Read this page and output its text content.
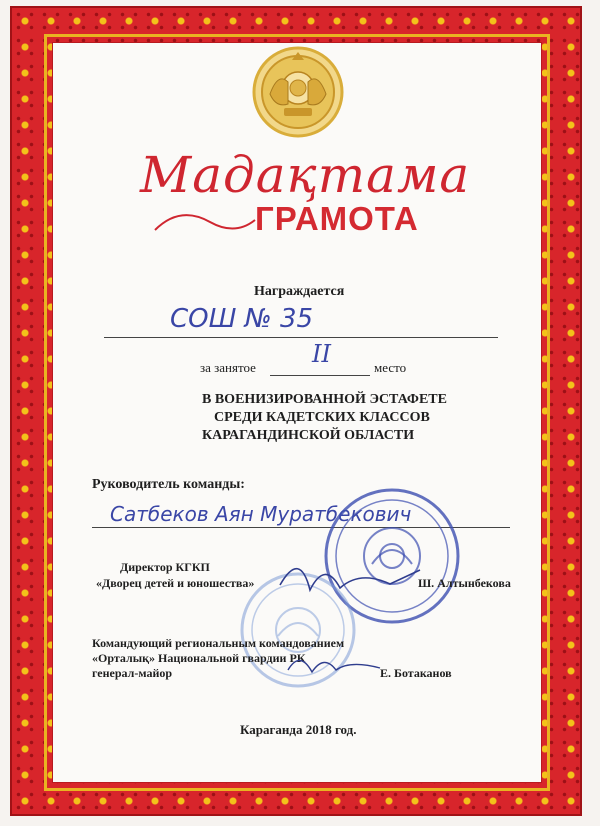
Мадақтама
ГРАМОТА
Награждается
СОШ № 35
за занятое II	место
В ВОЕНИЗИРОВАННОЙ ЭСТАФЕТЕ
СРЕДИ КАДЕТСКИХ КЛАССОВ
КАРАГАНДИНСКОЙ ОБЛАСТИ
Руководитель команды:
Сатбеков Аян Муратбекович
Директор КГКП
«Дворец детей и юношества»	Ш. Алтынбекова
Командующий региональным командованием
«Орталық» Национальной гвардии РК
генерал-майор	Е. Ботаканов
Караганда 2018 год.
